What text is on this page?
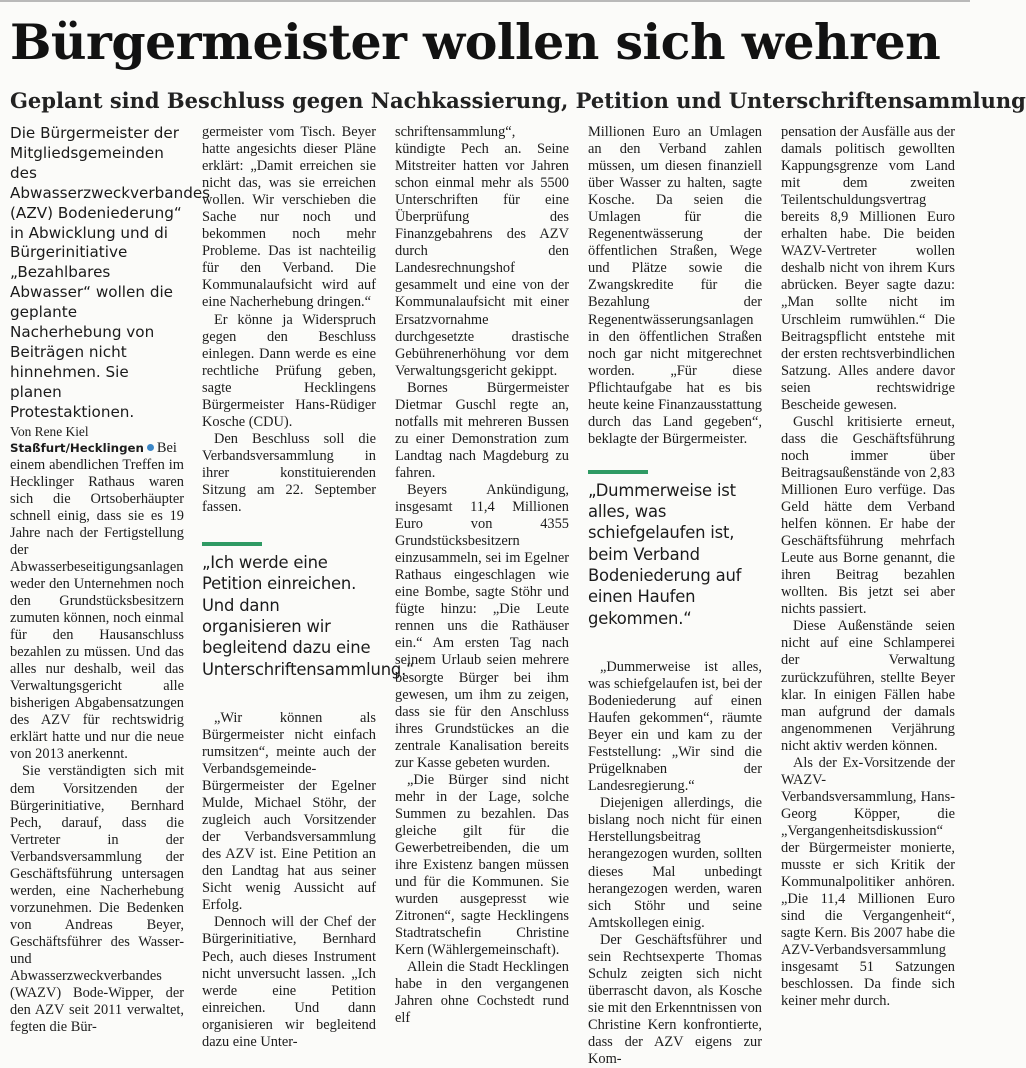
Bürgermeister wollen sich wehren
Geplant sind Beschluss gegen Nachkassierung, Petition und Unterschriftensammlung

Die Bürgermeister der Mitgliedsgemeinden des Abwasserzweckverbandes (AZV) Bodeniederung“ in Abwicklung und di Bürgerinitiative „Bezahlbares Abwasser“ wollen die geplante Nacherhebung von Beiträgen nicht hinnehmen. Sie planen Protestaktionen.

Von Rene Kiel

Staßfurt/Hecklingen Bei einem abendlichen Treffen im Hecklinger Rathaus waren sich die Ortsoberhäupter schnell einig, dass sie es 19 Jahre nach der Fertigstellung der Abwasserbeseitigungsanlagen weder den Unternehmen noch den Grundstücksbesitzern zumuten können, noch einmal für den Hausanschluss bezahlen zu müssen. Und das alles nur deshalb, weil das Verwaltungsgericht alle bisherigen Abgabensatzungen des AZV für rechtswidrig erklärt hatte und nur die neue von 2013 anerkennt.

Sie verständigten sich mit dem Vorsitzenden der Bürgerinitiative, Bernhard Pech, darauf, dass die Vertreter in der Verbandsversammlung der Geschäftsführung untersagen werden, eine Nacherhebung vorzunehmen. Die Bedenken von Andreas Beyer, Geschäftsführer des Wasser- und Abwasserzweckverbandes (WAZV) Bode-Wipper, der den AZV seit 2011 verwaltet, fegten die Bür-

germeister vom Tisch. Beyer hatte angesichts dieser Pläne erklärt: „Damit erreichen sie nicht das, was sie erreichen wollen. Wir verschieben die Sache nur noch und bekommen noch mehr Probleme. Das ist nachteilig für den Verband. Die Kommunalaufsicht wird auf eine Nacherhebung dringen.“

Er könne ja Widerspruch gegen den Beschluss einlegen. Dann werde es eine rechtliche Prüfung geben, sagte Hecklingens Bürgermeister Hans-Rüdiger Kosche (CDU).

Den Beschluss soll die Verbandsversammlung in ihrer konstituierenden Sitzung am 22. September fassen.

„Ich werde eine Petition einreichen. Und dann organisieren wir begleitend dazu eine Unterschriftensammlung.“

„Wir können als Bürgermeister nicht einfach rumsitzen“, meinte auch der Verbandsgemeinde-Bürgermeister der Egelner Mulde, Michael Stöhr, der zugleich auch Vorsitzender der Verbandsversammlung des AZV ist. Eine Petition an den Landtag hat aus seiner Sicht wenig Aussicht auf Erfolg.

Dennoch will der Chef der Bürgerinitiative, Bernhard Pech, auch dieses Instrument nicht unversucht lassen. „Ich werde eine Petition einreichen. Und dann organisieren wir begleitend dazu eine Unter-

schriftensammlung“, kündigte Pech an. Seine Mitstreiter hatten vor Jahren schon einmal mehr als 5500 Unterschriften für eine Überprüfung des Finanzgebahrens des AZV durch den Landesrechnungshof gesammelt und eine von der Kommunalaufsicht mit einer Ersatzvornahme durchgesetzte drastische Gebührenerhöhung vor dem Verwaltungsgericht gekippt.

Bornes Bürgermeister Dietmar Guschl regte an, notfalls mit mehreren Bussen zu einer Demonstration zum Landtag nach Magdeburg zu fahren.

Beyers Ankündigung, insgesamt 11,4 Millionen Euro von 4355 Grundstücksbesitzern einzusammeln, sei im Egelner Rathaus eingeschlagen wie eine Bombe, sagte Stöhr und fügte hinzu: „Die Leute rennen uns die Rathäuser ein.“ Am ersten Tag nach seinem Urlaub seien mehrere besorgte Bürger bei ihm gewesen, um ihm zu zeigen, dass sie für den Anschluss ihres Grundstückes an die zentrale Kanalisation bereits zur Kasse gebeten wurden.

„Die Bürger sind nicht mehr in der Lage, solche Summen zu bezahlen. Das gleiche gilt für die Gewerbetreibenden, die um ihre Existenz bangen müssen und für die Kommunen. Sie wurden ausgepresst wie Zitronen“, sagte Hecklingens Stadtratschefin Christine Kern (Wählergemeinschaft).

Allein die Stadt Hecklingen habe in den vergangenen Jahren ohne Cochstedt rund elf

Millionen Euro an Umlagen an den Verband zahlen müssen, um diesen finanziell über Wasser zu halten, sagte Kosche. Da seien die Umlagen für die Regenentwässerung der öffentlichen Straßen, Wege und Plätze sowie die Zwangskredite für die Bezahlung der Regenentwässerungsanlagen in den öffentlichen Straßen noch gar nicht mitgerechnet worden. „Für diese Pflichtaufgabe hat es bis heute keine Finanzausstattung durch das Land gegeben“, beklagte der Bürgermeister.

„Dummerweise ist alles, was schiefgelaufen ist, beim Verband Bodeniederung auf einen Haufen gekommen.“

„Dummerweise ist alles, was schiefgelaufen ist, bei der Bodeniederung auf einen Haufen gekommen“, räumte Beyer ein und kam zu der Feststellung: „Wir sind die Prügelknaben der Landesregierung.“

Diejenigen allerdings, die bislang noch nicht für einen Herstellungsbeitrag herangezogen wurden, sollten dieses Mal unbedingt herangezogen werden, waren sich Stöhr und seine Amtskollegen einig.

Der Geschäftsführer und sein Rechtsexperte Thomas Schulz zeigten sich nicht überrascht davon, als Kosche sie mit den Erkenntnissen von Christine Kern konfrontierte, dass der AZV eigens zur Kom-

pensation der Ausfälle aus der damals politisch gewollten Kappungsgrenze vom Land mit dem zweiten Teilentschuldungsvertrag bereits 8,9 Millionen Euro erhalten habe. Die beiden WAZV-Vertreter wollen deshalb nicht von ihrem Kurs abrücken. Beyer sagte dazu: „Man sollte nicht im Urschleim rumwühlen.“ Die Beitragspflicht entstehe mit der ersten rechtsverbindlichen Satzung. Alles andere davor seien rechtswidrige Bescheide gewesen.

Guschl kritisierte erneut, dass die Geschäftsführung noch immer über Beitragsaußenstände von 2,83 Millionen Euro verfüge. Das Geld hätte dem Verband helfen können. Er habe der Geschäftsführung mehrfach Leute aus Borne genannt, die ihren Beitrag bezahlen wollten. Bis jetzt sei aber nichts passiert.

Diese Außenstände seien nicht auf eine Schlamperei der Verwaltung zurückzuführen, stellte Beyer klar. In einigen Fällen habe man aufgrund der damals angenommenen Verjährung nicht aktiv werden können.

Als der Ex-Vorsitzende der WAZV-Verbandsversammlung, Hans-Georg Köpper, die „Vergangenheitsdiskussion“ der Bürgermeister monierte, musste er sich Kritik der Kommunalpolitiker anhören. „Die 11,4 Millionen Euro sind die Vergangenheit“, sagte Kern. Bis 2007 habe die AZV-Verbandsversammlung insgesamt 51 Satzungen beschlossen. Da finde sich keiner mehr durch.
